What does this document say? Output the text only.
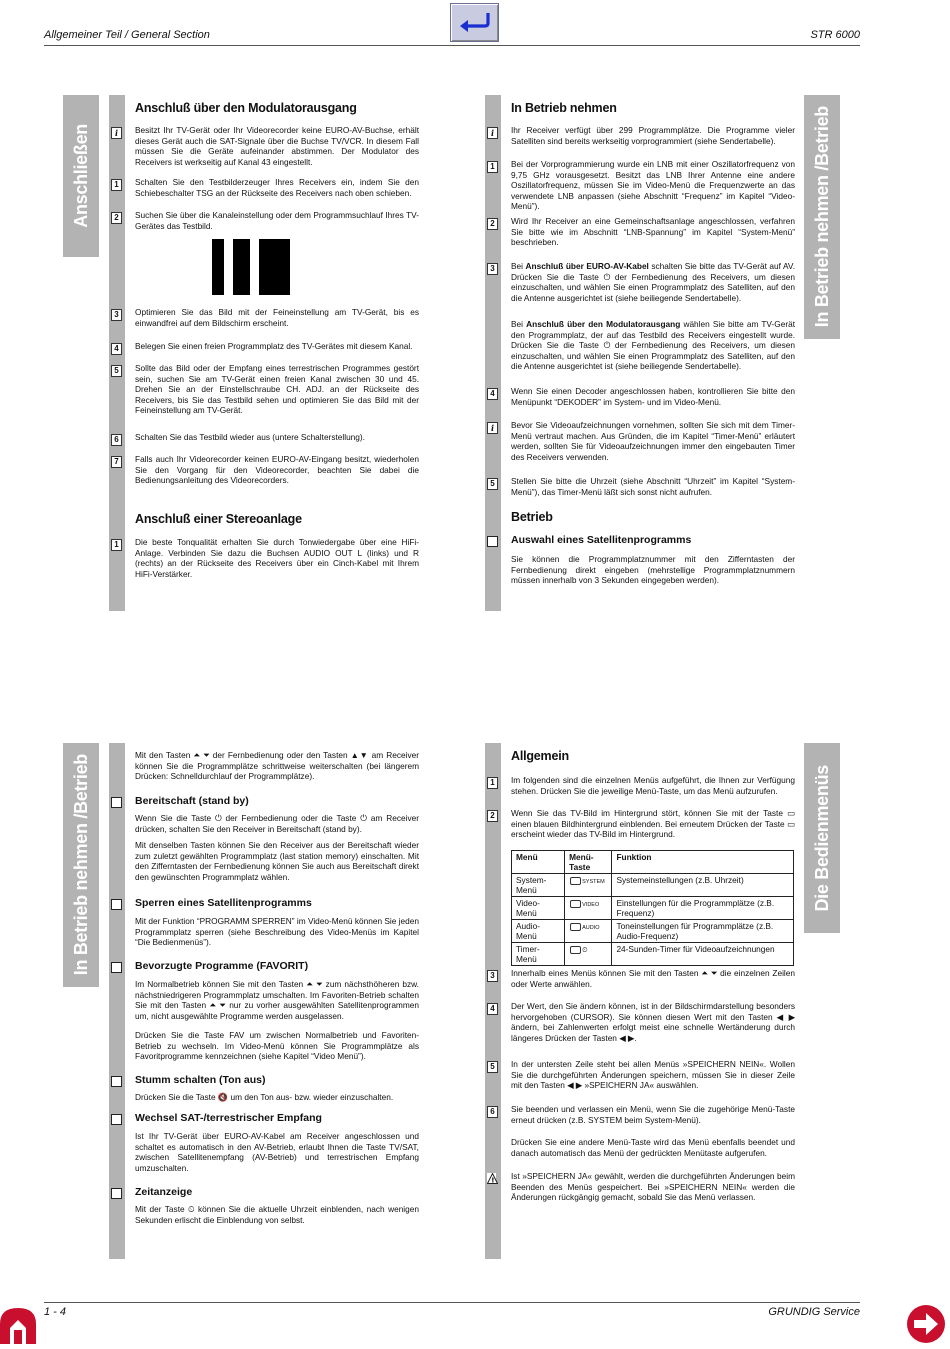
Allgemeiner Teil / General Section	STR 6000
Anschließen
Anschluß über den Modulatorausgang
i	Besitzt Ihr TV-Gerät oder Ihr Videorecorder keine EURO-AV-Buchse, erhält dieses Gerät auch die SAT-Signale über die Buchse TV/VCR. In diesem Fall müssen Sie die Geräte aufeinander abstimmen. Der Modulator des Receivers ist werkseitig auf Kanal 43 eingestellt.
1	Schalten Sie den Testbilderzeuger Ihres Receivers ein, indem Sie den Schiebeschalter TSG an der Rückseite des Receivers nach oben schieben.
2	Suchen Sie über die Kanaleinstellung oder dem Programmsuchlauf Ihres TV-Gerätes das Testbild.
3	Optimieren Sie das Bild mit der Feineinstellung am TV-Gerät, bis es einwandfrei auf dem Bildschirm erscheint.
4	Belegen Sie einen freien Programmplatz des TV-Gerätes mit diesem Kanal.
5	Sollte das Bild oder der Empfang eines terrestrischen Programmes gestört sein, suchen Sie am TV-Gerät einen freien Kanal zwischen 30 und 45. Drehen Sie an der Einstellschraube CH. ADJ. an der Rückseite des Receivers, bis Sie das Testbild sehen und optimieren Sie das Bild mit der Feineinstellung am TV-Gerät.
6	Schalten Sie das Testbild wieder aus (untere Schalterstellung).
7	Falls auch Ihr Videorecorder keinen EURO-AV-Eingang besitzt, wiederholen Sie den Vorgang für den Videorecorder, beachten Sie dabei die Bedienungsanleitung des Videorecorders.
Anschluß einer Stereoanlage
1	Die beste Tonqualität erhalten Sie durch Tonwiedergabe über eine HiFi-Anlage. Verbinden Sie dazu die Buchsen AUDIO OUT L (links) und R (rechts) an der Rückseite des Receivers über ein Cinch-Kabel mit Ihrem HiFi-Verstärker.
In Betrieb nehmen /Betrieb
In Betrieb nehmen
i	Ihr Receiver verfügt über 299 Programmplätze. Die Programme vieler Satelliten sind bereits werkseitig vorprogrammiert (siehe Sendertabelle).
1	Bei der Vorprogrammierung wurde ein LNB mit einer Oszillatorfrequenz von 9,75 GHz vorausgesetzt. Besitzt das LNB Ihrer Antenne eine andere Oszillatorfrequenz, müssen Sie im Video-Menü die Frequenzwerte an das verwendete LNB anpassen (siehe Abschnitt “Frequenz” im Kapitel “Video-Menü”).
2	Wird Ihr Receiver an eine Gemeinschaftsanlage angeschlossen, verfahren Sie bitte wie im Abschnitt “LNB-Spannung” im Kapitel “System-Menü” beschrieben.
3	Bei Anschluß über EURO-AV-Kabel schalten Sie bitte das TV-Gerät auf AV. Drücken Sie die Taste ⏻ der Fernbedienung des Receivers, um diesen einzuschalten, und wählen Sie einen Programmplatz des Satelliten, auf den die Antenne ausgerichtet ist (siehe beiliegende Sendertabelle).
Bei Anschluß über den Modulatorausgang wählen Sie bitte am TV-Gerät den Programmplatz, der auf das Testbild des Receivers eingestellt wurde. Drücken Sie die Taste ⏻ der Fernbedienung des Receivers, um diesen einzuschalten, und wählen Sie einen Programmplatz des Satelliten, auf den die Antenne ausgerichtet ist (siehe beiliegende Sendertabelle).
4	Wenn Sie einen Decoder angeschlossen haben, kontrollieren Sie bitte den Menüpunkt “DEKODER” im System- und im Video-Menü.
i	Bevor Sie Videoaufzeichnungen vornehmen, sollten Sie sich mit dem Timer-Menü vertraut machen. Aus Gründen, die im Kapitel “Timer-Menü” erläutert werden, sollten Sie für Videoaufzeichnungen immer den eingebauten Timer des Receivers verwenden.
5	Stellen Sie bitte die Uhrzeit (siehe Abschnitt “Uhrzeit” im Kapitel “System-Menü”), das Timer-Menü läßt sich sonst nicht aufrufen.
Betrieb
Auswahl eines Satellitenprogramms
Sie können die Programmplatznummer mit den Zifferntasten der Fernbedienung direkt eingeben (mehrstellige Programmplatznummern müssen innerhalb von 3 Sekunden eingegeben werden).
In Betrieb nehmen /Betrieb	Mit den Tasten ⏶ ⏷ der Fernbedienung oder den Tasten ▲▼ am Receiver können Sie die Programmplätze schrittweise weiterschalten (bei längerem Drücken: Schnelldurchlauf der Programmplätze).
Bereitschaft (stand by)
Wenn Sie die Taste ⏻ der Fernbedienung oder die Taste ⏻ am Receiver drücken, schalten Sie den Receiver in Bereitschaft (stand by).
Mit denselben Tasten können Sie den Receiver aus der Bereitschaft wieder zum zuletzt gewählten Programmplatz (last station memory) einschalten. Mit den Zifferntasten der Fernbedienung können Sie auch aus Bereitschaft direkt den gewünschten Programmplatz wählen.
Sperren eines Satellitenprogramms
Mit der Funktion “PROGRAMM SPERREN” im Video-Menü können Sie jeden Programmplatz sperren (siehe Beschreibung des Video-Menüs im Kapitel “Die Bedienmenüs”).
Bevorzugte Programme (FAVORIT)
Im Normalbetrieb können Sie mit den Tasten ⏶ ⏷ zum nächsthöheren bzw. nächstniedrigeren Programmplatz umschalten. Im Favoriten-Betrieb schalten Sie mit den Tasten ⏶ ⏷ nur zu vorher ausgewählten Satellitenprogrammen um, nicht ausgewählte Programme werden ausgelassen.
Drücken Sie die Taste FAV um zwischen Normalbetrieb und Favoriten-Betrieb zu wechseln. Im Video-Menü können Sie Programmplätze als Favoritprogramme kennzeichnen (siehe Kapitel “Video Menü”).
Stumm schalten (Ton aus)
Drücken Sie die Taste 🔇 um den Ton aus- bzw. wieder einzuschalten.
Wechsel SAT-/terrestrischer Empfang
Ist Ihr TV-Gerät über EURO-AV-Kabel am Receiver angeschlossen und schaltet es automatisch in den AV-Betrieb, erlaubt Ihnen die Taste TV/SAT, zwischen Satellitenempfang (AV-Betrieb) und terrestrischen Empfang umzuschalten.
Zeitanzeige
Mit der Taste ⏲ können Sie die aktuelle Uhrzeit einblenden, nach wenigen Sekunden erlischt die Einblendung von selbst.
Die Bedienmenüs
Allgemein
1	Im folgenden sind die einzelnen Menüs aufgeführt, die Ihnen zur Verfügung stehen. Drücken Sie die jeweilige Menü-Taste, um das Menü aufzurufen.
2	Wenn Sie das TV-Bild im Hintergrund stört, können Sie mit der Taste ▭ einen blauen Bildhintergrund einblenden. Bei erneutem Drücken der Taste ▭ erscheint wieder das TV-Bild im Hintergrund.
Menü	Menü-Taste	Funktion
System-Menü	SYSTEM	Systemeinstellungen (z.B. Uhrzeit)
Video-Menü	VIDEO	Einstellungen für die Programmplätze (z.B. Frequenz)
Audio-Menü	AUDIO	Toneinstellungen für Programmplätze (z.B. Audio-Frequenz)
Timer-Menü	⏲	24-Sunden-Timer für Videoaufzeichnungen
3	Innerhalb eines Menüs können Sie mit den Tasten ⏶ ⏷ die einzelnen Zeilen oder Werte anwählen.
4	Der Wert, den Sie ändern können, ist in der Bildschirmdarstellung besonders hervorgehoben (CURSOR). Sie können diesen Wert mit den Tasten ◀ ▶ ändern, bei Zahlenwerten erfolgt meist eine schnelle Wertänderung durch längeres Drücken der Tasten ◀ ▶.
5	In der untersten Zeile steht bei allen Menüs »SPEICHERN NEIN«. Wollen Sie die durchgeführten Änderungen speichern, müssen Sie in dieser Zeile mit den Tasten ◀ ▶ »SPEICHERN JA« auswählen.
6	Sie beenden und verlassen ein Menü, wenn Sie die zugehörige Menü-Taste erneut drücken (z.B. SYSTEM beim System-Menü).
Drücken Sie eine andere Menü-Taste wird das Menü ebenfalls beendet und danach automatisch das Menü der gedrückten Menütaste aufgerufen.
! Ist »SPEICHERN JA« gewählt, werden die durchgeführten Änderungen beim Beenden des Menüs gespeichert. Bei »SPEICHERN NEIN« werden die Änderungen rückgängig gemacht, sobald Sie das Menü verlassen.
1 - 4	GRUNDIG Service
